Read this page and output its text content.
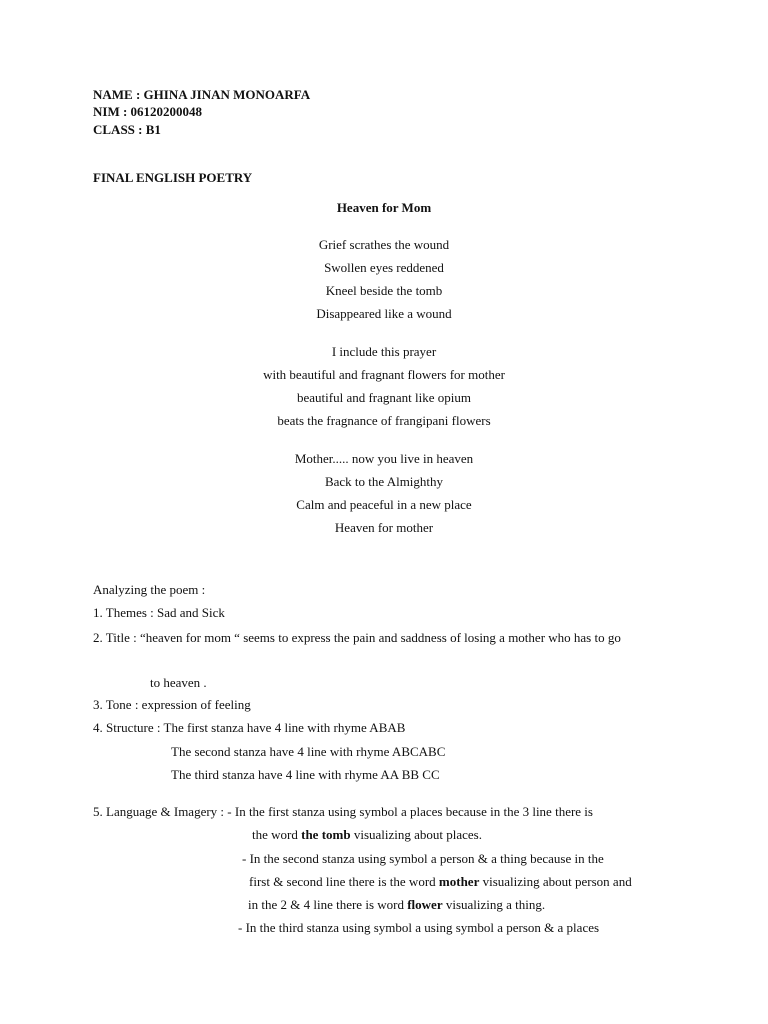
NAME : GHINA JINAN MONOARFA
NIM : 06120200048
CLASS : B1
FINAL ENGLISH POETRY
Heaven for Mom
Grief scrathes the wound
Swollen eyes reddened
Kneel beside the tomb
Disappeared like a wound
I include this prayer
with beautiful and fragnant flowers for mother
beautiful and fragnant like opium
beats the fragnance of frangipani flowers
Mother..... now you live in heaven
Back to the Almighthy
Calm and peaceful in a new place
Heaven for mother
Analyzing the poem :
1. Themes : Sad and Sick
2. Title : “heaven for mom “ seems to express the pain and saddness of losing a mother who has to go
to heaven .
3. Tone : expression of feeling
4. Structure : The first stanza have 4 line with rhyme ABAB
The second stanza have 4 line with rhyme ABCABC
The third stanza have 4 line with rhyme AA BB CC
5. Language & Imagery : - In the first stanza using symbol a places because in the 3 line there is
the word the tomb visualizing about places.
- In the second stanza using symbol a person & a thing because in the
first & second line there is the word mother visualizing about person and
in the 2 & 4 line there is word flower visualizing a thing.
- In the third stanza using symbol a using symbol a person & a places
